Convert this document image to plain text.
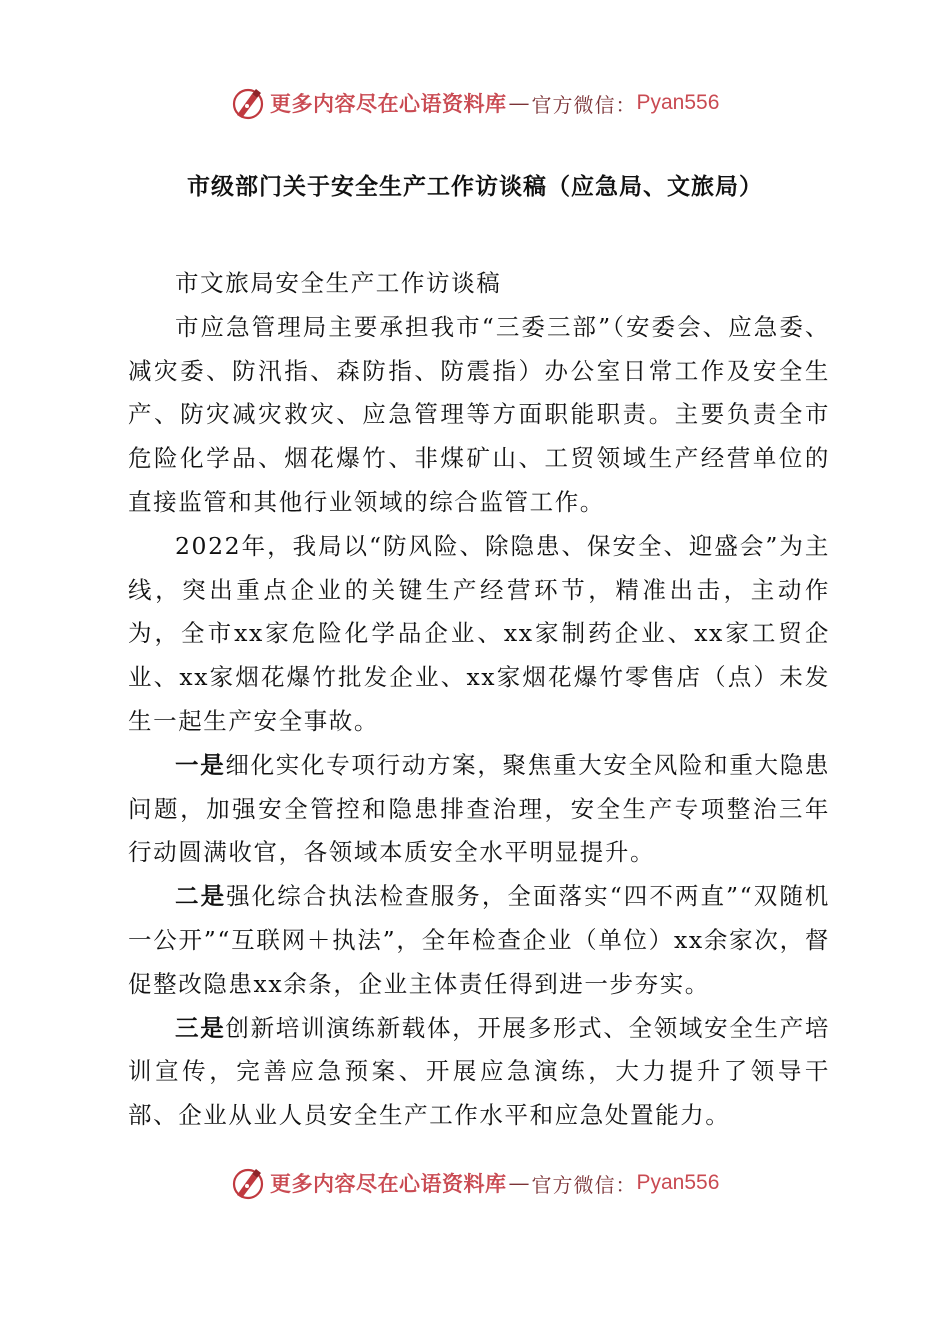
更多内容尽在心语资料库 — 官方微信： Pyan556
市级部门关于安全生产工作访谈稿（应急局、文旅局）

市文旅局安全生产工作访谈稿

市应急管理局主要承担我市“三委三部”（安委会、应急委、减灾委、防汛指、森防指、防震指）办公室日常工作及安全生产、防灾减灾救灾、应急管理等方面职能职责。主要负责全市危险化学品、烟花爆竹、非煤矿山、工贸领域生产经营单位的直接监管和其他行业领域的综合监管工作。

2022年，我局以“防风险、除隐患、保安全、迎盛会”为主线，突出重点企业的关键生产经营环节，精准出击，主动作为，全市xx家危险化学品企业、xx家制药企业、xx家工贸企业、xx家烟花爆竹批发企业、xx家烟花爆竹零售店（点）未发生一起生产安全事故。

一是细化实化专项行动方案，聚焦重大安全风险和重大隐患问题，加强安全管控和隐患排查治理，安全生产专项整治三年行动圆满收官，各领域本质安全水平明显提升。

二是强化综合执法检查服务，全面落实“四不两直”“双随机一公开”“互联网＋执法”，全年检查企业（单位）xx余家次，督促整改隐患xx余条，企业主体责任得到进一步夯实。

三是创新培训演练新载体，开展多形式、全领域安全生产培训宣传，完善应急预案、开展应急演练，大力提升了领导干部、企业从业人员安全生产工作水平和应急处置能力。

更多内容尽在心语资料库 — 官方微信： Pyan556
